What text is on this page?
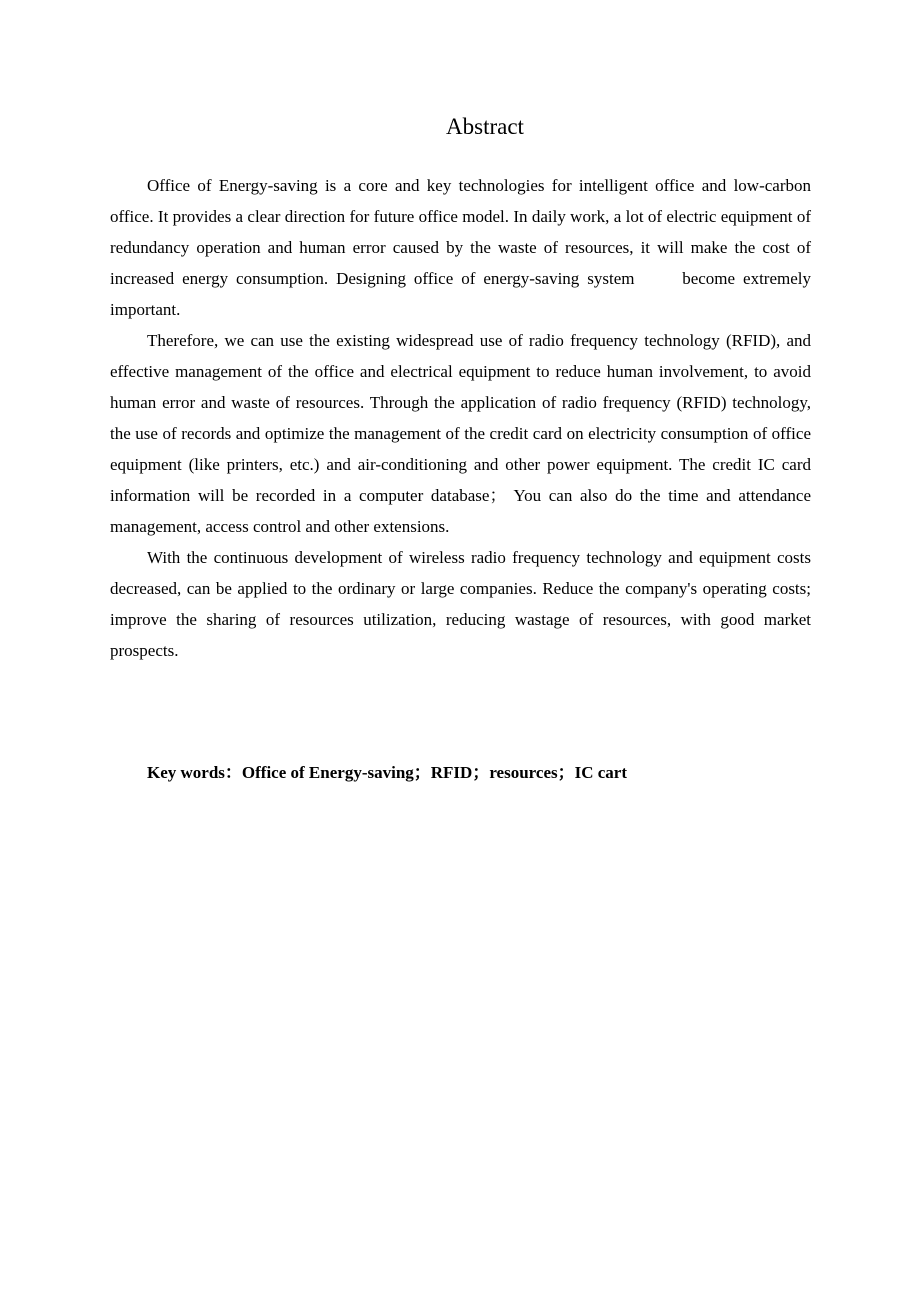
Abstract

Office of Energy-saving is a core and key technologies for intelligent office and low-carbon office. It provides a clear direction for future office model. In daily work, a lot of electric equipment of redundancy operation and human error caused by the waste of resources, it will make the cost of increased energy consumption. Designing office of energy-saving system      become extremely important.

Therefore, we can use the existing widespread use of radio frequency technology (RFID), and effective management of the office and electrical equipment to reduce human involvement, to avoid human error and waste of resources. Through the application of radio frequency (RFID) technology, the use of records and optimize the management of the credit card on electricity consumption of office equipment (like printers, etc.) and air-conditioning and other power equipment. The credit IC card information will be recorded in a computer database； You can also do the time and attendance management, access control and other extensions.

With the continuous development of wireless radio frequency technology and equipment costs decreased, can be applied to the ordinary or large companies. Reduce the company's operating costs; improve the sharing of resources utilization, reducing wastage of resources, with good market prospects.

Key words：Office of Energy-saving；RFID；resources；IC cart
